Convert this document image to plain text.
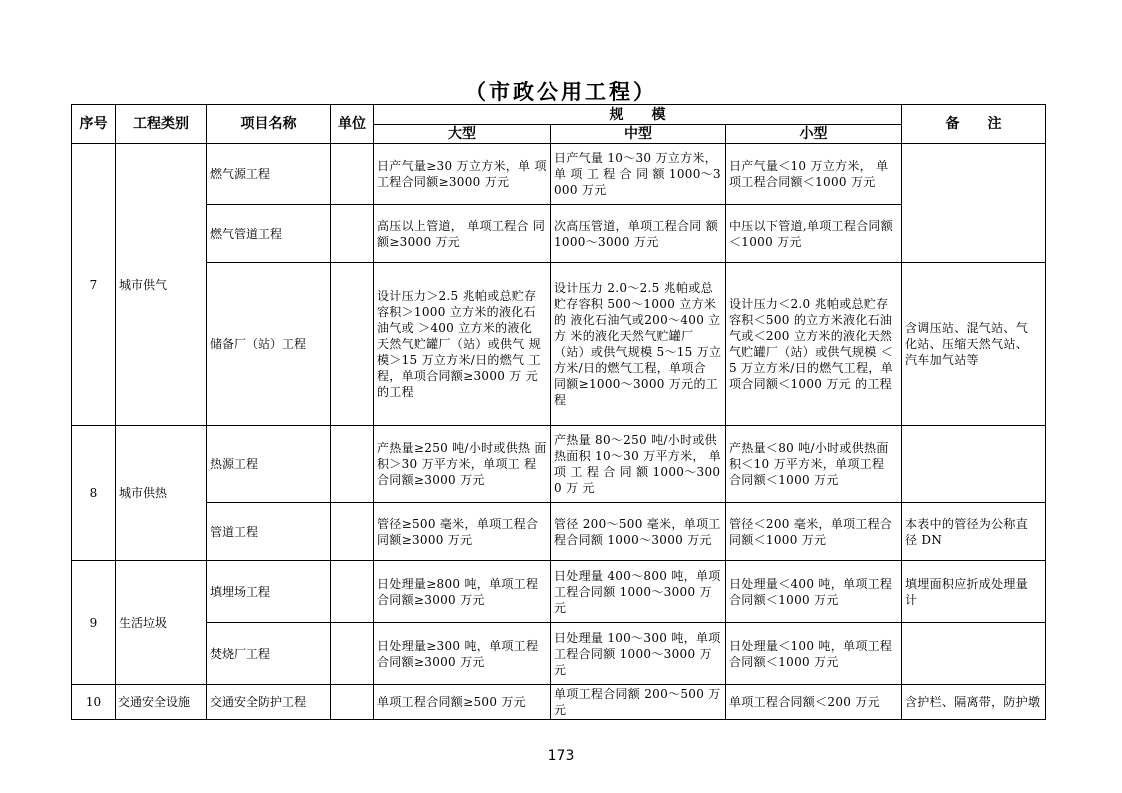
（市政公用工程）
序号	工程类别	项目名称	单位	规　　模			备　　注
				大型	中型	小型	
7	城市供气	燃气源工程		日产气量≥30 万立方米，单 项工程合同额≥3000 万元	日产气量 10～30 万立方米， 单 项 工 程 合 同 额 1000～3000 万元	日产气量＜10 万立方米， 单 项工程合同额＜1000 万元	
		燃气管道工程		高压以上管道， 单项工程合 同额≥3000 万元	次高压管道，单项工程合同 额 1000～3000 万元	中压以下管道,单项工程合同额＜1000 万元	
		储备厂（站）工程		设计压力＞2.5 兆帕或总贮存 容积＞1000 立方米的液化石 油气或 ＞400 立方米的液化 天然气贮罐厂（站）或供气 规模＞15 万立方米/日的燃气 工程，单项合同额≥3000 万 元的工程	设计压力 2.0～2.5 兆帕或总 贮存容积 500～1000 立方米的 液化石油气或200～400 立方 米的液化天然气贮罐厂（站）或供气规模 5～15 万立 方米/日的燃气工程，单项合 同额≥1000～3000 万元的工 程	设计压力＜2.0 兆帕或总贮存 容积＜500 的立方米液化石油 气或＜200 立方米的液化天然 气贮罐厂（站）或供气规模 ＜5 万立方米/日的燃气工程，单项合同额＜1000 万元 的工程	含调压站、混气站、气 化站、压缩天然气站、 汽车加气站等
8	城市供热	热源工程		产热量≥250 吨/小时或供热 面积＞30 万平方米，单项工 程合同额≥3000 万元	产热量 80～250 吨/小时或供 热面积 10～30 万平方米， 单 项 工 程 合 同 额 1000～3000 万 元	产热量＜80 吨/小时或供热面 积＜10 万平方米，单项工程 合同额＜1000 万元	
		管道工程		管径≥500 毫米，单项工程合 同额≥3000 万元	管径 200～500 毫米，单项工 程合同额 1000～3000 万元	管径＜200 毫米，单项工程合 同额＜1000 万元	本表中的管径为公称直 径 DN
9	生活垃圾	填埋场工程		日处理量≥800 吨，单项工程 合同额≥3000 万元	日处理量 400～800 吨，单项 工程合同额 1000～3000 万元	日处理量＜400 吨，单项工程 合同额＜1000 万元	填埋面积应折成处理量 计
		焚烧厂工程		日处理量≥300 吨，单项工程 合同额≥3000 万元	日处理量 100～300 吨，单项 工程合同额 1000～3000 万元	日处理量＜100 吨，单项工程 合同额＜1000 万元	
10	交通安全设施	交通安全防护工程		单项工程合同额≥500 万元	单项工程合同额 200～500 万 元	单项工程合同额＜200 万元	含护栏、隔离带，防护墩
173
